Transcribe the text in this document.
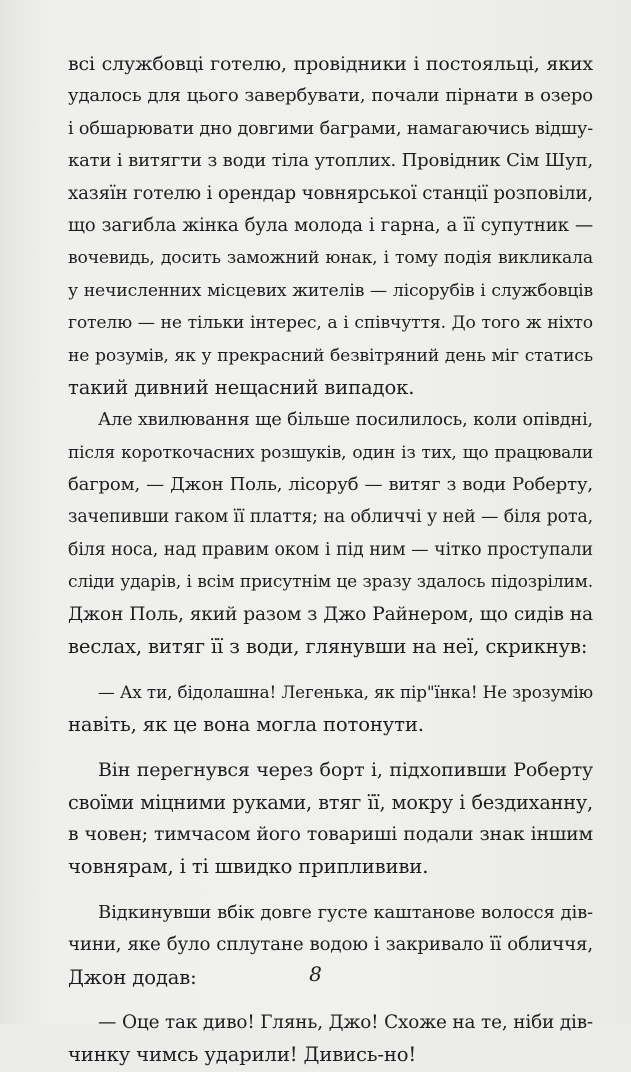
всі службовці готелю, провідники і постояльці, яких
удалось для цього завербувати, почали пірнати в озеро
і обшарювати дно довгими баграми, намагаючись відшу-
кати і витягти з води тіла утоплих. Провідник Сім Шуп,
хазяїн готелю і орендар човнярської станції розповіли,
що загибла жінка була молода і гарна, а її супутник —
вочевидь, досить заможний юнак, і тому подія викликала
у нечисленних місцевих жителів — лісорубів і службовців
готелю — не тільки інтерес, а і співчуття. До того ж ніхто
не розумів, як у прекрасний безвітряний день міг статись
такий дивний нещасний випадок.
Але хвилювання ще більше посилилось, коли опівдні,
після короткочасних розшуків, один із тих, що працювали
багром, — Джон Поль, лісоруб — витяг з води Роберту,
зачепивши гаком її плаття; на обличчі у ней — біля рота,
біля носа, над правим оком і під ним — чітко проступали
сліди ударів, і всім присутнім це зразу здалось підозрілим.
Джон Поль, який разом з Джо Райнером, що сидів на
веслах, витяг її з води, глянувши на неї, скрикнув:
— Ах ти, бідолашна! Легенька, як пір"їнка! Не зрозумію
навіть, як це вона могла потонути.
Він перегнувся через борт і, підхопивши Роберту
своїми міцними руками, втяг її, мокру і бездиханну,
в човен; тимчасом його товариші подали знак іншим
човнярам, і ті швидко приплививи.
Відкинувши вбік довге густе каштанове волосся дів-
чини, яке було сплутане водою і закривало її обличчя,
Джон додав:
— Оце так диво! Глянь, Джо! Схоже на те, ніби дів-
чинку чимсь ударили! Дивись-но!
8
